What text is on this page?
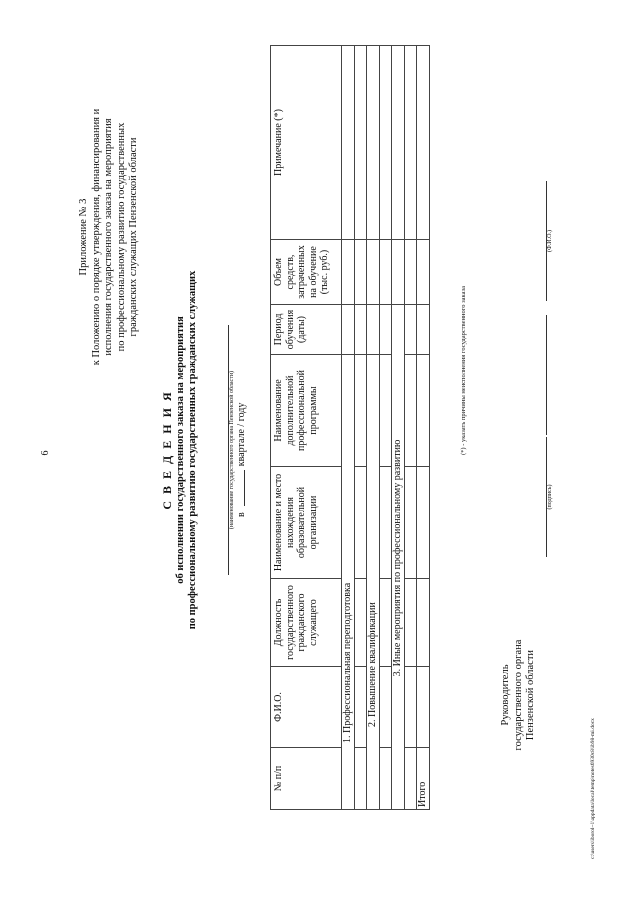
6
Приложение № 3 к Положению о порядке утверждения, финансирования и исполнения государственного заказа на мероприятия по профессиональному развитию государственных гражданских служащих Пензенской области
С В Е Д Е Н И Я об исполнении государственного заказа на мероприятия по профессиональному развитию государственных гражданских служащих	(наименование государственного органа Пензенской области) вквартале / году
№ п/п	Ф.И.О.	Должность государственного гражданского служащего	Наименование и место нахождения образовательной организации	Наименование дополнительной профессиональной программы	Период обучения (даты)	Объем средств, затраченных на обучение (тыс. руб.)	Примечание (*)
1. Профессиональная переподготовка							

2. Повышение квалификации							

3. Иные мероприятия по профессиональному развитию							

Итого							
(*) - указать причины неисполнения государственного заказа
Руководитель государственного органа Пензенской области
(подпись)
(Ф.И.О.)
c:\users\iborol~1\appdata\local\temp\notes6930c8\ib98-mi.docx
